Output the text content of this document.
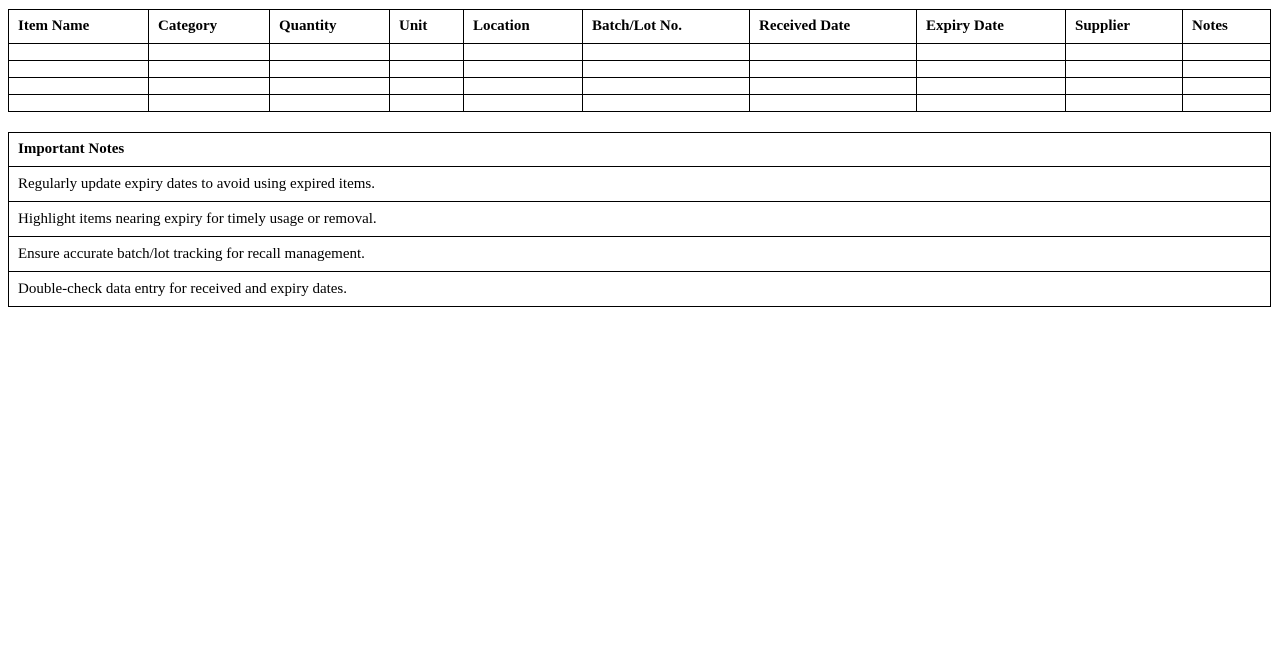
Item Name	Category	Quantity	Unit	Location	Batch/Lot No.	Received Date	Expiry Date	Supplier	Notes

Important Notes
Regularly update expiry dates to avoid using expired items.
Highlight items nearing expiry for timely usage or removal.
Ensure accurate batch/lot tracking for recall management.
Double-check data entry for received and expiry dates.
